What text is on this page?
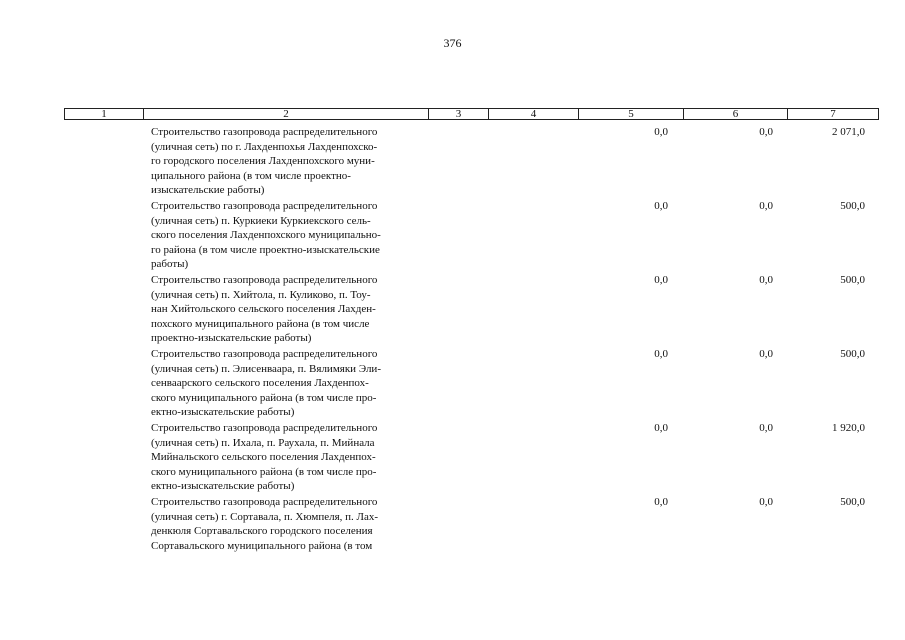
376
1	2	3	4	5	6	7
Строительство газопровода распределительного
(уличная сеть) по г. Лахденпохья Лахденпохско-
го городского поселения Лахденпохского муни-
ципального района (в том числе проектно-
изыскательские работы)
0,0	0,0	2 071,0
Строительство газопровода распределительного
(уличная сеть) п. Куркиеки Куркиекского сель-
ского поселения Лахденпохского муниципально-
го района (в том числе проектно-изыскательские
работы)
0,0	0,0	500,0
Строительство газопровода распределительного
(уличная сеть) п. Хийтола, п. Куликово, п. Тоу-
нан Хийтольского сельского поселения Лахден-
похского муниципального района (в том числе
проектно-изыскательские работы)
0,0	0,0	500,0
Строительство газопровода распределительного
(уличная сеть) п. Элисенваара, п. Вялимяки Эли-
сенваарского сельского поселения Лахденпох-
ского муниципального района (в том числе про-
ектно-изыскательские работы)
0,0	0,0	500,0
Строительство газопровода распределительного
(уличная сеть) п. Ихала, п. Раухала, п. Мийнала
Мийнальского сельского поселения Лахденпох-
ского муниципального района (в том числе про-
ектно-изыскательские работы)
0,0	0,0	1 920,0
Строительство газопровода распределительного
(уличная сеть) г. Сортавала, п. Хюмпеля, п. Лах-
денкюля Сортавальского городского поселения
Сортавальского муниципального района (в том
0,0	0,0	500,0
